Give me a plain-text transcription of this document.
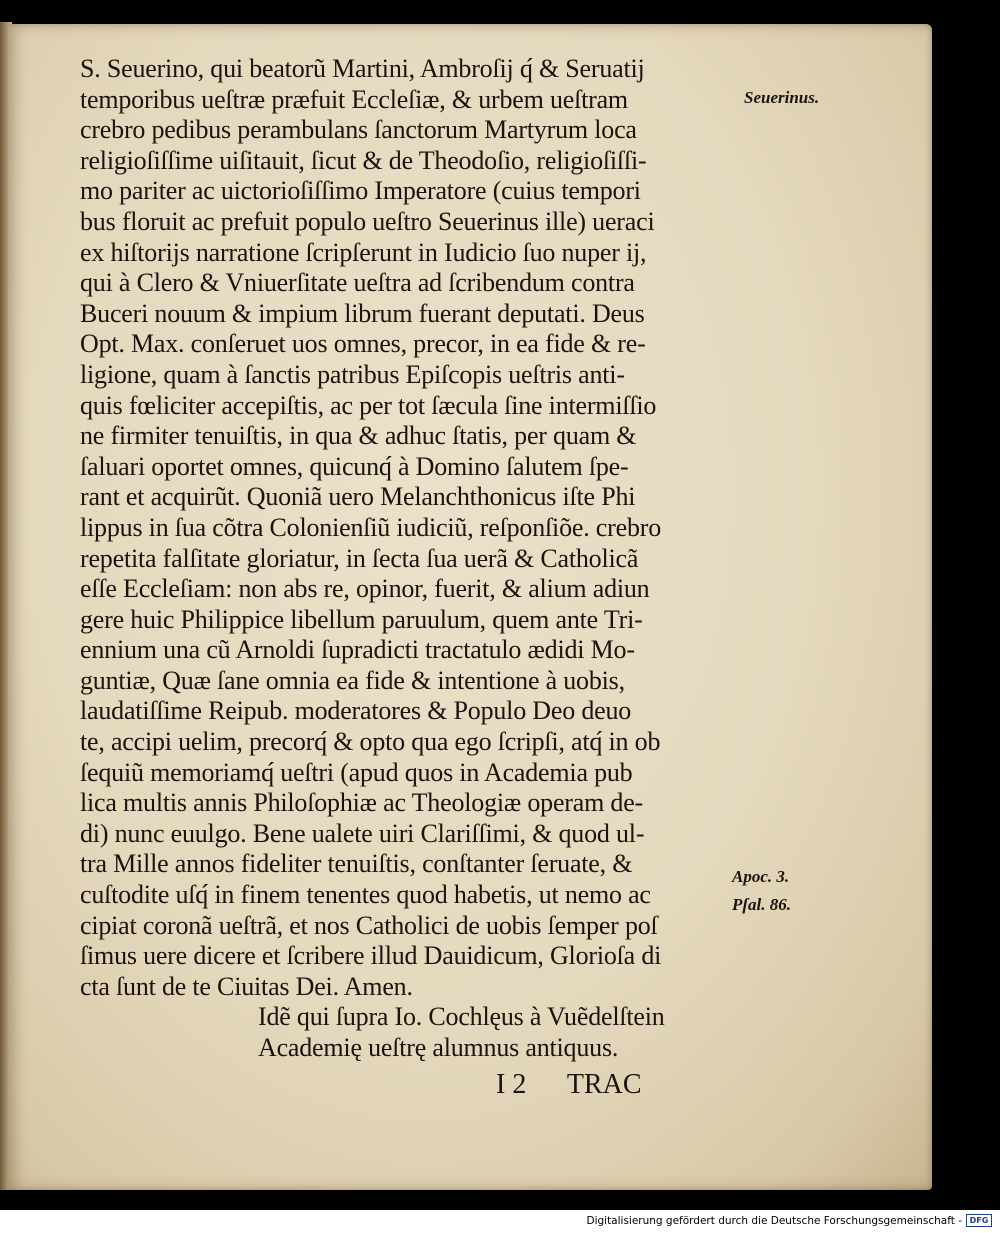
S. Seuerino, qui beatorũ Martini, Ambroſij q́ & Seruatij
temporibus ueſtræ præfuit Eccleſiæ, & urbem ueſtram
crebro pedibus perambulans ſanctorum Martyrum loca
religioſiſſime uiſitauit, ſicut & de Theodoſio, religioſiſſi-
mo pariter ac uictorioſiſſimo Imperatore (cuius tempori
bus floruit ac prefuit populo ueſtro Seuerinus ille) ueraci
ex hiſtorijs narratione ſcripſerunt in Iudicio ſuo nuper ij,
qui à Clero & Vniuerſitate ueſtra ad ſcribendum contra
Buceri nouum & impium librum fuerant deputati. Deus
Opt. Max. conſeruet uos omnes, precor, in ea fide & re-
ligione, quam à ſanctis patribus Epiſcopis ueſtris anti-
quis fœliciter accepiſtis, ac per tot ſæcula ſine intermiſſio
ne firmiter tenuiſtis, in qua & adhuc ſtatis, per quam &
ſaluari oportet omnes, quicunq́ à Domino ſalutem ſpe-
rant et acquirũt. Quoniã uero Melanchthonicus iſte Phi
lippus in ſua cõtra Colonienſiũ iudiciũ, reſponſiõe. crebro
repetita falſitate gloriatur, in ſecta ſua uerã & Catholicã
eſſe Eccleſiam: non abs re, opinor, fuerit, & alium adiun
gere huic Philippice libellum paruulum, quem ante Tri-
ennium una cũ Arnoldi ſupradicti tractatulo ædidi Mo-
guntiæ, Quæ ſane omnia ea fide & intentione à uobis,
laudatiſſime Reipub. moderatores & Populo Deo deuo
te, accipi uelim, precorq́ & opto qua ego ſcripſi, atq́ in ob
ſequiũ memoriamq́ ueſtri (apud quos in Academia pub
lica multis annis Philoſophiæ ac Theologiæ operam de-
di) nunc euulgo. Bene ualete uiri Clariſſimi, & quod ul-
tra Mille annos fideliter tenuiſtis, conſtanter ſeruate, &
cuſtodite uſq́ in finem tenentes quod habetis, ut nemo ac
cipiat coronã ueſtrã, et nos Catholici de uobis ſemper poſ
ſimus uere dicere et ſcribere illud Dauidicum, Glorioſa di
cta ſunt de te Ciuitas Dei. Amen.
Idẽ qui ſupra Io. Cochlęus à Vuẽdelſtein
Academię ueſtrę alumnus antiquus.
I 2 TRAC
Seuerinus.
Apoc. 3.
Pſal. 86.
Digitalisierung gefördert durch die Deutsche Forschungsgemeinschaft - DFG
